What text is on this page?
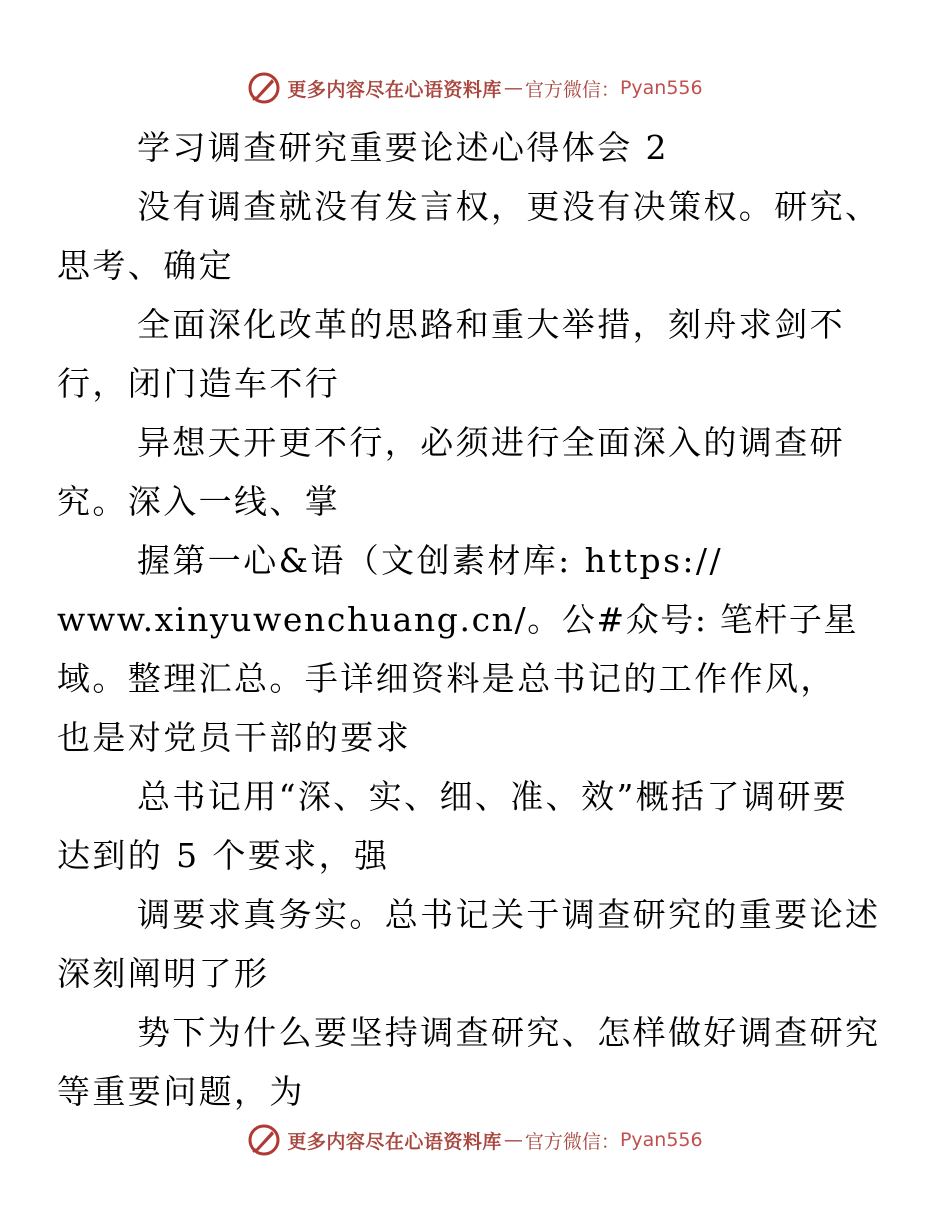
更多内容尽在心语资料库 — 官方微信： Pyan556

学习调查研究重要论述心得体会 2

没有调查就没有发言权，更没有决策权。研究、
思考、确定

全面深化改革的思路和重大举措，刻舟求剑不
行，闭门造车不行

异想天开更不行，必须进行全面深入的调查研
究。深入一线、掌

握第一心&语（文创素材库: https://
www.xinyuwenchuang.cn/。公#众号: 笔杆子星
域。整理汇总。手详细资料是总书记的工作作风，
也是对党员干部的要求

总书记用“深、实、细、准、效”概括了调研要
达到的 5 个要求，强

调要求真务实。总书记关于调查研究的重要论述
深刻阐明了形

势下为什么要坚持调查研究、怎样做好调查研究
等重要问题，为

更多内容尽在心语资料库 — 官方微信： Pyan556
